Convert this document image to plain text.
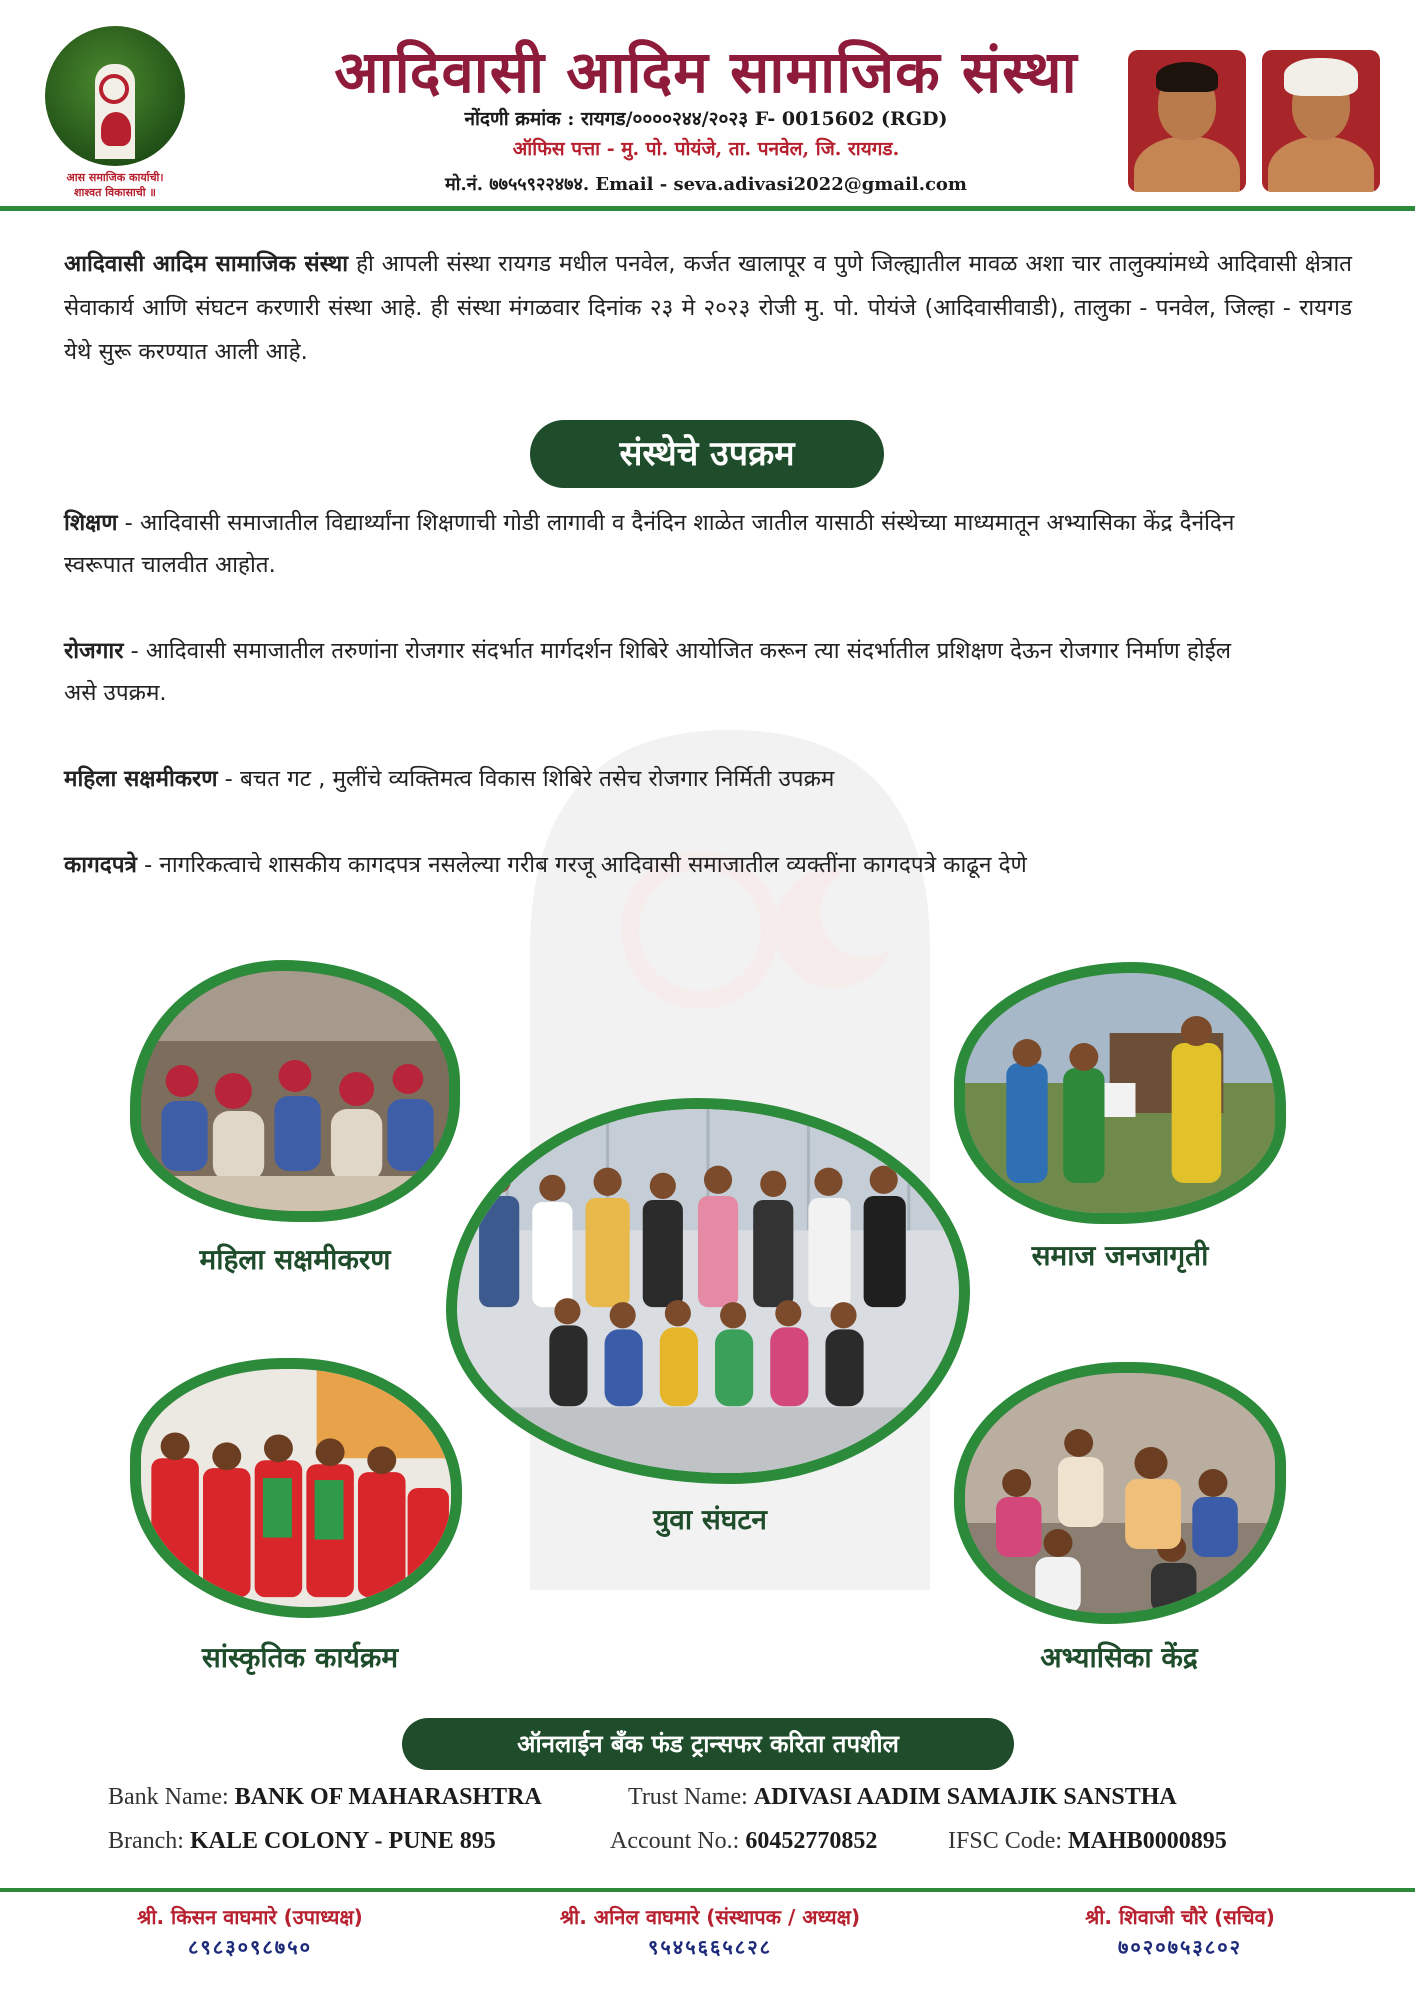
आस समाजिक कार्याची।
शाश्वत विकासाची ॥
आदिवासी आदिम सामाजिक संस्था
नोंदणी क्रमांक : रायगड/००००२४४/२०२३ F- 0015602 (RGD)
ऑफिस पत्ता - मु. पो. पोयंजे, ता. पनवेल, जि. रायगड.
मो.नं. ७७५५९२२४७४. Email - seva.adivasi2022@gmail.com

आदिवासी आदिम सामाजिक संस्था ही आपली संस्था रायगड मधील पनवेल, कर्जत खालापूर व पुणे जिल्ह्यातील मावळ अशा चार तालुक्यांमध्ये आदिवासी क्षेत्रात सेवाकार्य आणि संघटन करणारी संस्था आहे. ही संस्था मंगळवार दिनांक २३ मे २०२३ रोजी मु. पो. पोयंजे (आदिवासीवाडी), तालुका - पनवेल, जिल्हा - रायगड येथे सुरू करण्यात आली आहे.

संस्थेचे उपक्रम

शिक्षण - आदिवासी समाजातील विद्यार्थ्यांना शिक्षणाची गोडी लागावी व दैनंदिन शाळेत जातील यासाठी संस्थेच्या माध्यमातून अभ्यासिका केंद्र दैनंदिन स्वरूपात चालवीत आहोत.

रोजगार - आदिवासी समाजातील तरुणांना रोजगार संदर्भात मार्गदर्शन शिबिरे आयोजित करून त्या संदर्भातील प्रशिक्षण देऊन रोजगार निर्माण होईल असे उपक्रम.

महिला सक्षमीकरण - बचत गट , मुलींचे व्यक्तिमत्व विकास शिबिरे तसेच रोजगार निर्मिती उपक्रम

कागदपत्रे - नागरिकत्वाचे शासकीय कागदपत्र नसलेल्या गरीब गरजू आदिवासी समाजातील व्यक्तींना कागदपत्रे काढून देणे

महिला सक्षमीकरण	समाज जनजागृती
युवा संघटन
सांस्कृतिक कार्यक्रम	अभ्यासिका केंद्र
ऑनलाईन बँक फंड ट्रान्सफर करिता तपशील
Bank Name: BANK OF MAHARASHTRA	Trust Name: ADIVASI AADIM SAMAJIK SANSTHA
Branch: KALE COLONY - PUNE 895	Account No.: 60452770852	IFSC Code: MAHB0000895
श्री. किसन वाघमारे (उपाध्यक्ष)
८९८३०९८७५०
श्री. अनिल वाघमारे (संस्थापक / अध्यक्ष)
९५४५६६५८२८
श्री. शिवाजी चौरे (सचिव)
७०२०७५३८०२
